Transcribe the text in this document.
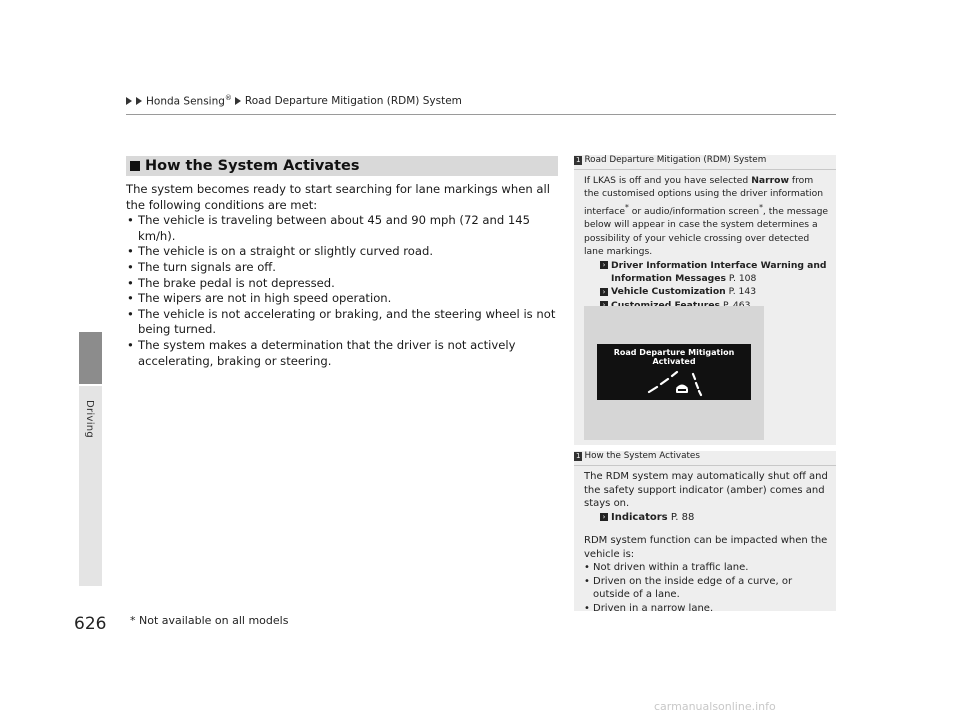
Honda Sensing® Road Departure Mitigation (RDM) System
Driving
How the System Activates

The system becomes ready to start searching for lane markings when all the following conditions are met:

• The vehicle is traveling between about 45 and 90 mph (72 and 145 km/h).
• The vehicle is on a straight or slightly curved road.
• The turn signals are off.
• The brake pedal is not depressed.
• The wipers are not in high speed operation.
• The vehicle is not accelerating or braking, and the steering wheel is not being turned.
• The system makes a determination that the driver is not actively accelerating, braking or steering.
1 Road Departure Mitigation (RDM) System

If LKAS is off and you have selected Narrow from the customised options using the driver information interface* or audio/information screen*, the message below will appear in case the system determines a possibility of your vehicle crossing over detected lane markings.

› Driver Information Interface Warning and
Information Messages P. 108

› Vehicle Customization P. 143

Road Departure Mitigation
Activated
1 How the System Activates

The RDM system may automatically shut off and the safety support indicator (amber) comes and stays on.

› Indicators P. 88

RDM system function can be impacted when the vehicle is:

• Not driven within a traffic lane.
• Driven on the inside edge of a curve, or outside of a lane.
• Driven in a narrow lane.
626 * Not available on all models
carmanualsonline.info
